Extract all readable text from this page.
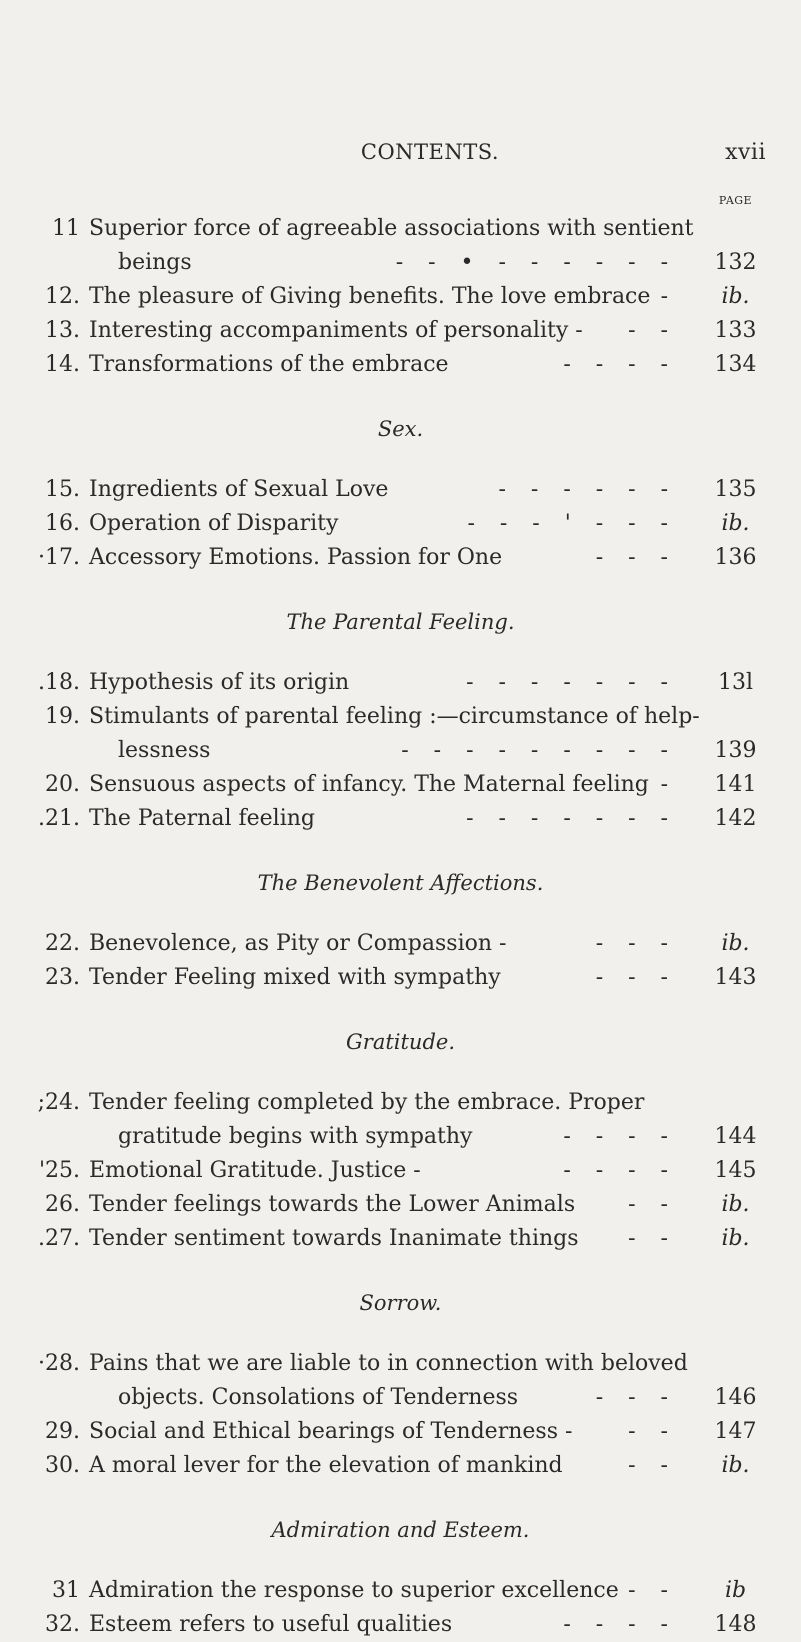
CONTENTS.	xvii
PAGE
11 Superior force of agreeable associations with sentient
beings	-   -   •   -   -   -   -   -   -	132
12. The pleasure of Giving benefits. The love embrace -	ib.
13. Interesting accompaniments of personality -	-   -	133
14. Transformations of the embrace	-   -   -   -	134
Sex.
15. Ingredients of Sexual Love	-   -   -   -   -   -	135
16. Operation of Disparity	-   -   -   '   -   -   -	ib.
·17. Accessory Emotions. Passion for One	-   -   -	136
The Parental Feeling.
.18. Hypothesis of its origin	-   -   -   -   -   -   -	13l
19. Stimulants of parental feeling :—circumstance of help-
lessness	-   -   -   -   -   -   -   -   -	139
20. Sensuous aspects of infancy. The Maternal feeling -	141
.21. The Paternal feeling	-   -   -   -   -   -   -	142
The Benevolent Affections.
22. Benevolence, as Pity or Compassion -	-   -   -	ib.
23. Tender Feeling mixed with sympathy	-   -   -	143
Gratitude.
;24. Tender feeling completed by the embrace. Proper
gratitude begins with sympathy	-   -   -   -	144
'25. Emotional Gratitude. Justice -	-   -   -   -	145
26. Tender feelings towards the Lower Animals	-   -	ib.
.27. Tender sentiment towards Inanimate things	-   -	ib.
Sorrow.
·28. Pains that we are liable to in connection with beloved
objects. Consolations of Tenderness	-   -   -	146
29. Social and Ethical bearings of Tenderness -	-   -	147
30. A moral lever for the elevation of mankind	-   -	ib.
Admiration and Esteem.
31 Admiration the response to superior excellence -   -	ib
32. Esteem refers to useful qualities	-   -   -   -	148
